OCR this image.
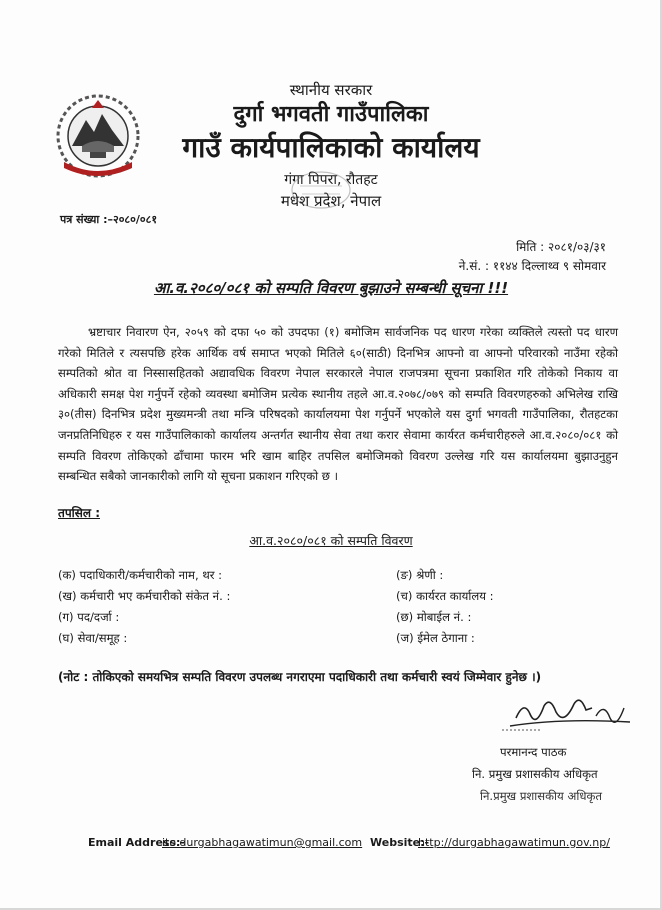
स्थानीय सरकार
दुर्गा भगवती गाउँपालिका
गाउँ कार्यपालिकाको कार्यालय
गंगा पिपरा, रौतहट
मधेश प्रदेश, नेपाल
पत्र संख्या :–२०८०/०८१
मिति : २०८१/०३/३१
ने.सं. : ११४४ दिल्लाथ्व ९ सोमवार
आ.व.२०८०/०८१ को सम्पति विवरण बुझाउने सम्बन्धी सूचना !!!
भ्रष्टाचार निवारण ऐन, २०५९ को दफा ५० को उपदफा (१) बमोजिम सार्वजनिक पद धारण गरेका व्यक्तिले त्यस्तो पद धारण गरेको मितिले र त्यसपछि हरेक आर्थिक वर्ष समाप्त भएको मितिले ६०(साठी) दिनभित्र आफ्नो वा आफ्नो परिवारको नाउँमा रहेको सम्पतिको श्रोत वा निस्सासहितको अद्यावधिक विवरण नेपाल सरकारले नेपाल राजपत्रमा सूचना प्रकाशित गरि तोकेको निकाय वा अधिकारी समक्ष पेश गर्नुपर्ने रहेको व्यवस्था बमोजिम प्रत्येक स्थानीय तहले आ.व.२०७८/०७९ को सम्पति विवरणहरुको अभिलेख राखि ३०(तीस) दिनभित्र प्रदेश मुख्यमन्त्री तथा मन्त्रि परिषदको कार्यालयमा पेश गर्नुपर्ने भएकोले यस दुर्गा भगवती गाउँपालिका, रौतहटका जनप्रतिनिधिहरु र यस गाउँपालिकाको कार्यालय अन्तर्गत स्थानीय सेवा तथा करार सेवामा कार्यरत कर्मचारीहरुले आ.व.२०८०/०८१ को सम्पति विवरण तोकिएको ढाँचामा फारम भरि खाम बाहिर तपसिल बमोजिमको विवरण उल्लेख गरि यस कार्यालयमा बुझाउनुहुन सम्बन्धित सबैको जानकारीको लागि यो सूचना प्रकाशन गरिएको छ ।
तपसिल :
आ.व.२०८०/०८१ को सम्पति विवरण
(क) पदाधिकारी/कर्मचारीको नाम, थर :
(ख) कर्मचारी भए कर्मचारीको संकेत नं. :
(ग) पद/दर्जा :
(घ) सेवा/समूह :
(ङ) श्रेणी :
(च) कार्यरत कार्यालय :
(छ) मोबाईल नं. :
(ज) ईमेल ठेगाना :
(नोट : तोकिएको समयभित्र सम्पति विवरण उपलब्ध नगराएमा पदाधिकारी तथा कर्मचारी स्वयं जिम्मेवार हुनेछ ।)
परमानन्द पाठक
नि. प्रमुख प्रशासकीय अधिकृत
नि.प्रमुख प्रशासकीय अधिकृत
Email Address:-
ito.durgabhagawatimun@gmail.com Website:-
http://durgabhagawatimun.gov.np/
